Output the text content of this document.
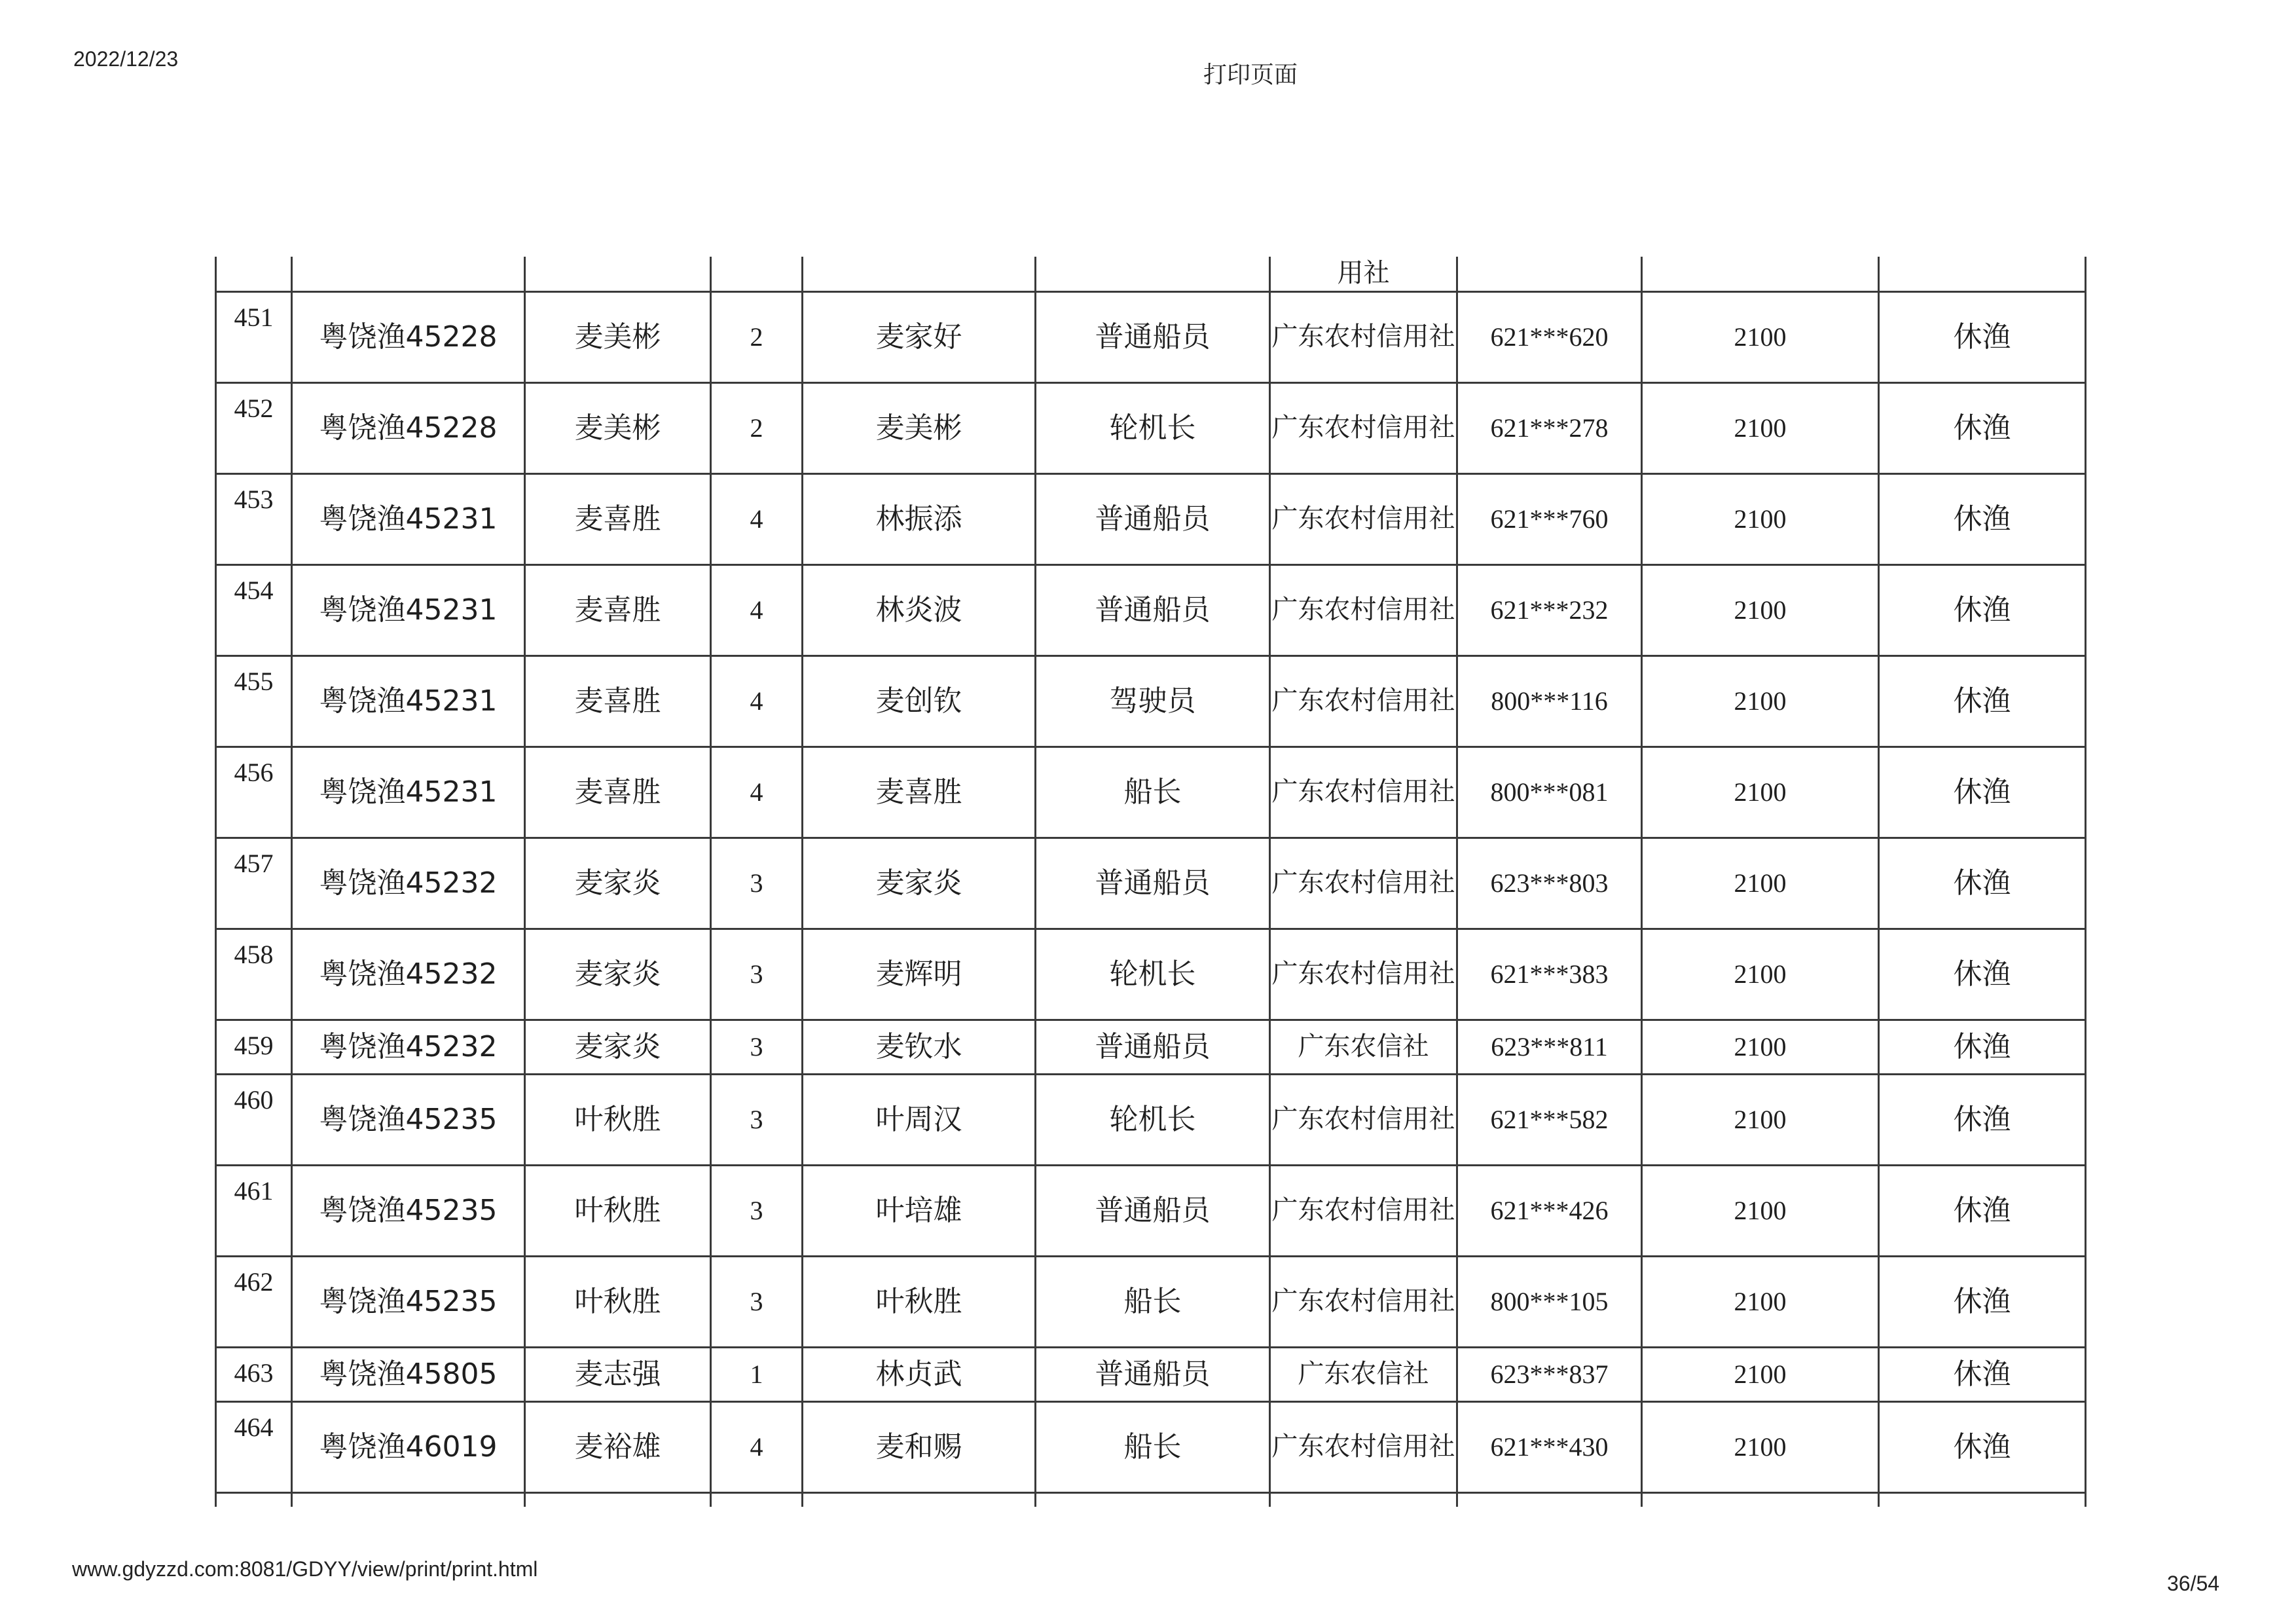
2022/12/23
打印页面
						用社			
451	粤饶渔45228	麦美彬	2	麦家好	普通船员	广东农村信用社	621***620	2100	休渔
452	粤饶渔45228	麦美彬	2	麦美彬	轮机长	广东农村信用社	621***278	2100	休渔
453	粤饶渔45231	麦喜胜	4	林振添	普通船员	广东农村信用社	621***760	2100	休渔
454	粤饶渔45231	麦喜胜	4	林炎波	普通船员	广东农村信用社	621***232	2100	休渔
455	粤饶渔45231	麦喜胜	4	麦创钦	驾驶员	广东农村信用社	800***116	2100	休渔
456	粤饶渔45231	麦喜胜	4	麦喜胜	船长	广东农村信用社	800***081	2100	休渔
457	粤饶渔45232	麦家炎	3	麦家炎	普通船员	广东农村信用社	623***803	2100	休渔
458	粤饶渔45232	麦家炎	3	麦辉明	轮机长	广东农村信用社	621***383	2100	休渔
459	粤饶渔45232	麦家炎	3	麦钦水	普通船员	广东农信社	623***811	2100	休渔
460	粤饶渔45235	叶秋胜	3	叶周汉	轮机长	广东农村信用社	621***582	2100	休渔
461	粤饶渔45235	叶秋胜	3	叶培雄	普通船员	广东农村信用社	621***426	2100	休渔
462	粤饶渔45235	叶秋胜	3	叶秋胜	船长	广东农村信用社	800***105	2100	休渔
463	粤饶渔45805	麦志强	1	林贞武	普通船员	广东农信社	623***837	2100	休渔
464	粤饶渔46019	麦裕雄	4	麦和赐	船长	广东农村信用社	621***430	2100	休渔

www.gdyzzd.com:8081/GDYY/view/print/print.html
36/54
